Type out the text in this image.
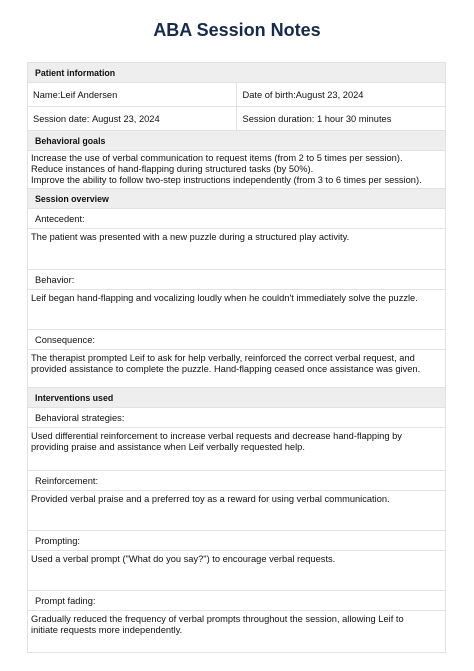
ABA Session Notes
Patient information
Name: Leif Andersen	Date of birth: August 23, 2024
Session date:
August 23, 2024	Session duration:
1 hour 30 minutes
Behavioral goals

Increase the use of verbal communication to request items (from 2 to 5 times per session).

Reduce instances of hand-flapping during structured tasks (by 50%).

Improve the ability to follow two-step instructions independently (from 3 to 6 times per session).

Session overview
Antecedent:

The patient was presented with a new puzzle during a structured play activity.

Behavior:

Leif began hand-flapping and vocalizing loudly when he couldn't immediately solve the puzzle.

Consequence:

The therapist prompted Leif to ask for help verbally, reinforced the correct verbal request, and

provided assistance to complete the puzzle. Hand-flapping ceased once assistance was given.

Interventions used
Behavioral strategies:

Used differential reinforcement to increase verbal requests and decrease hand-flapping by

providing praise and assistance when Leif verbally requested help.

Reinforcement:

Provided verbal praise and a preferred toy as a reward for using verbal communication.

Prompting:

Used a verbal prompt ("What do you say?") to encourage verbal requests.

Prompt fading:

Gradually reduced the frequency of verbal prompts throughout the session, allowing Leif to

initiate requests more independently.
